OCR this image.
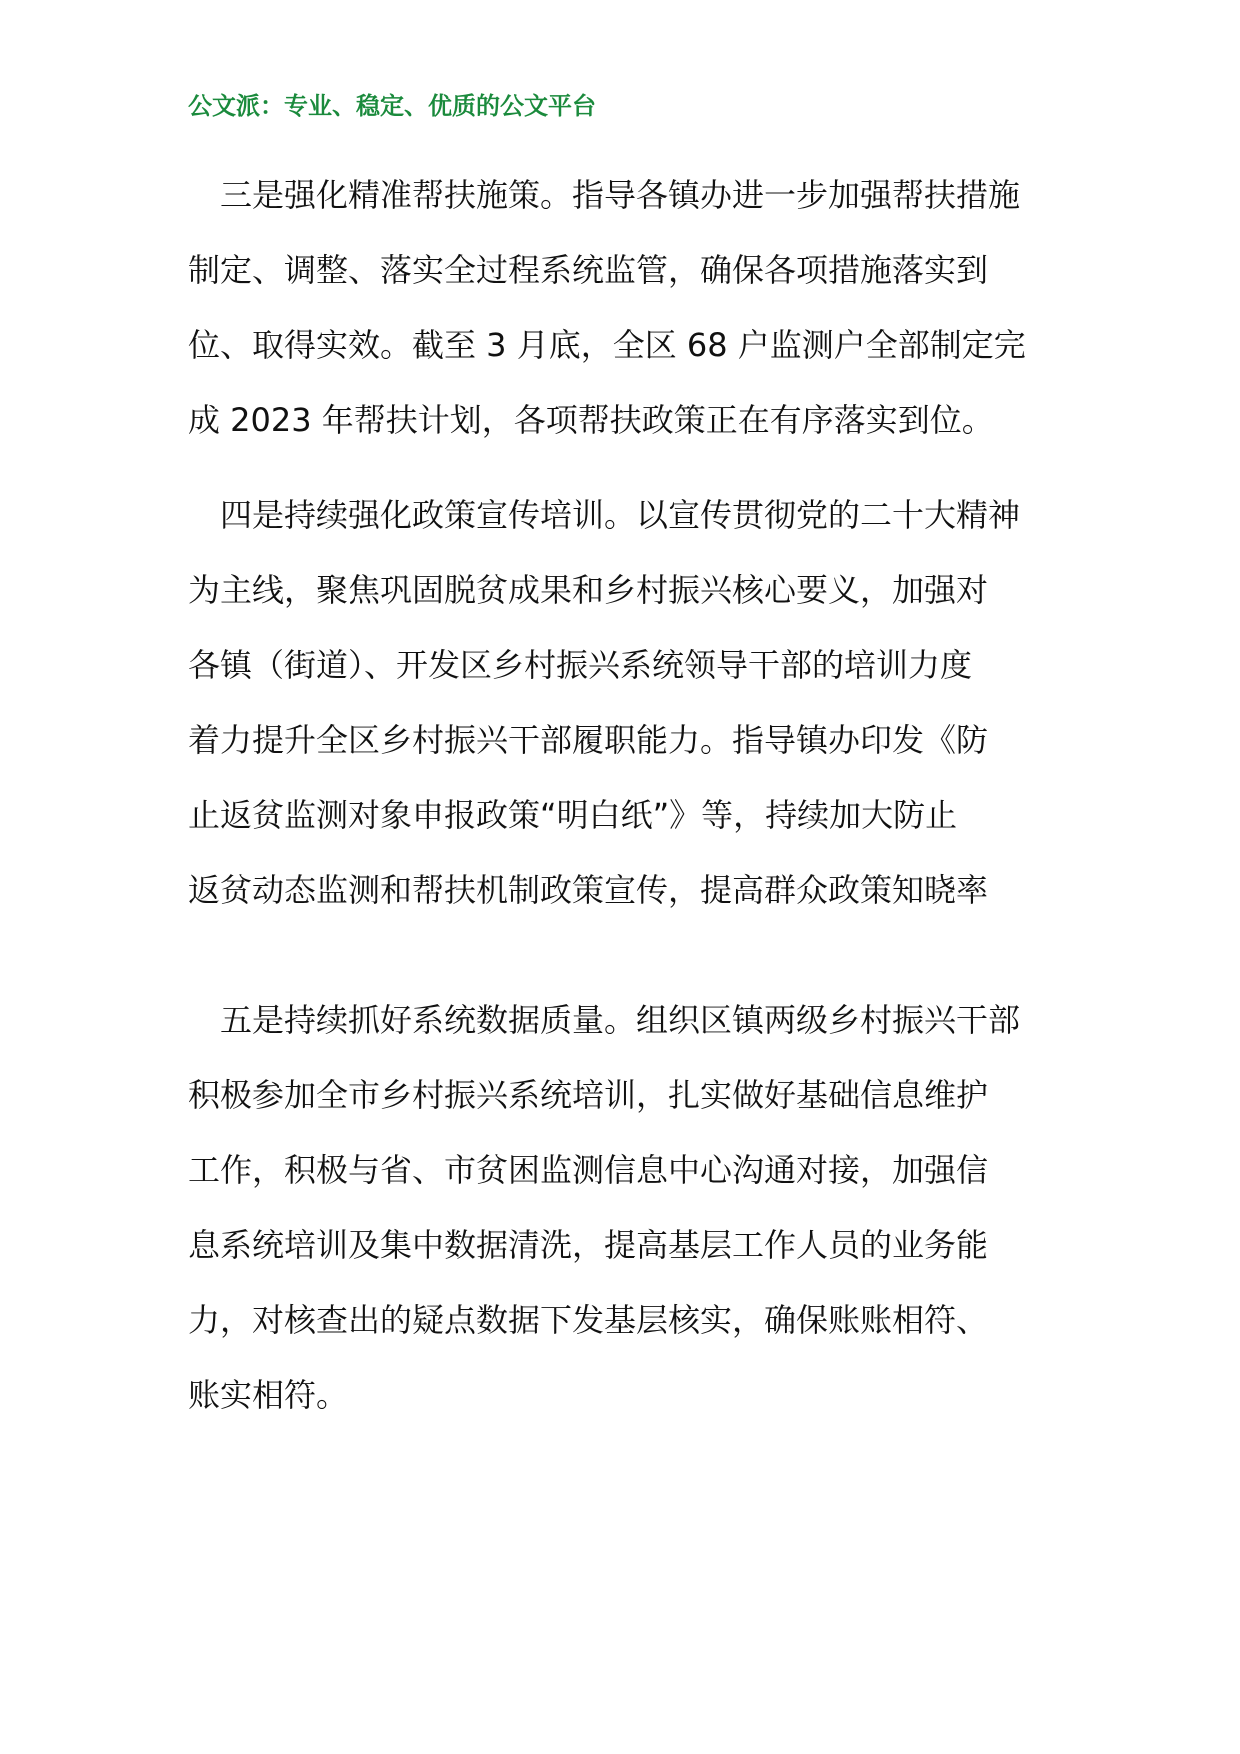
公文派：专业、稳定、优质的公文平台
　三是强化精准帮扶施策。指导各镇办进一步加强帮扶措施
制定、调整、落实全过程系统监管，确保各项措施落实到
位、取得实效。截至 3 月底，全区 68 户监测户全部制定完
成 2023 年帮扶计划，各项帮扶政策正在有序落实到位。
　四是持续强化政策宣传培训。以宣传贯彻党的二十大精神
为主线，聚焦巩固脱贫成果和乡村振兴核心要义，加强对
各镇（街道）、开发区乡村振兴系统领导干部的培训力度
着力提升全区乡村振兴干部履职能力。指导镇办印发《防
止返贫监测对象申报政策“明白纸”》等，持续加大防止
返贫动态监测和帮扶机制政策宣传，提高群众政策知晓率
　五是持续抓好系统数据质量。组织区镇两级乡村振兴干部
积极参加全市乡村振兴系统培训，扎实做好基础信息维护
工作，积极与省、市贫困监测信息中心沟通对接，加强信
息系统培训及集中数据清洗，提高基层工作人员的业务能
力，对核查出的疑点数据下发基层核实，确保账账相符、
账实相符。
